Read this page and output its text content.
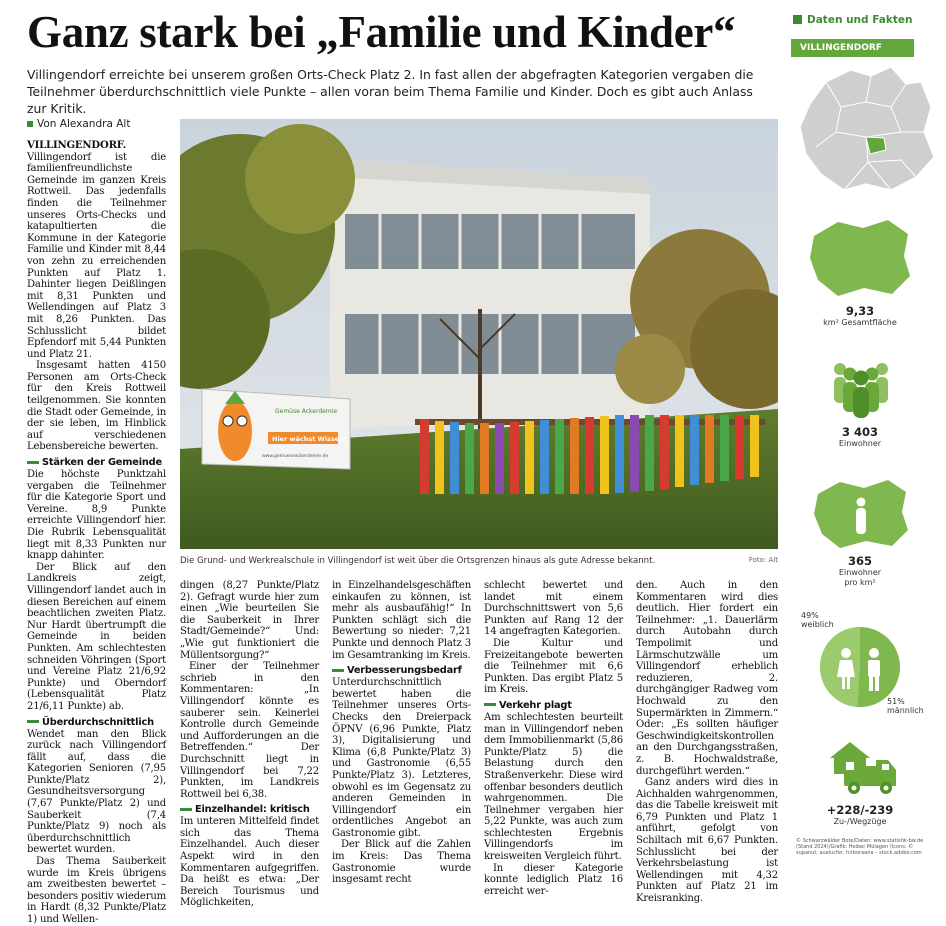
Ganz stark bei „Familie und Kinder“
Villingendorf erreichte bei unserem großen Orts-Check Platz 2. In fast allen der abgefragten Kategorien vergaben die Teilnehmer überdurchschnittlich viele Punkte – allen voran beim Thema Familie und Kinder. Doch es gibt auch Anlass zur Kritik.
Von Alexandra Alt
Gemüse Ackerdemie
Hier wächst Wissen!
www.gemueseackerdemie.de
Die Grund- und Werkrealschule in Villingendorf ist weit über die Ortsgrenzen hinaus als gute Adresse bekannt.	Foto: Alt

VILLINGENDORF. Villingendorf ist die familienfreundlichste Gemeinde im ganzen Kreis Rottweil. Das jedenfalls finden die Teilnehmer unseres Orts-Checks und katapultierten die Kommune in der Kategorie Familie und Kinder mit 8,44 von zehn zu erreichenden Punkten auf Platz 1. Dahinter liegen Deißlingen mit 8,31 Punkten und Wellendingen auf Platz 3 mit 8,26 Punkten. Das Schlusslicht bildet Epfendorf mit 5,44 Punkten und Platz 21.

Insgesamt hatten 4150 Personen am Orts-Check für den Kreis Rottweil teilgenommen. Sie konnten die Stadt oder Gemeinde, in der sie leben, im Hinblick auf verschiedenen Lebensbereiche bewerten.

Stärken der Gemeinde

Die höchste Punktzahl vergaben die Teilnehmer für die Kategorie Sport und Vereine. 8,9 Punkte erreichte Villingendorf hier. Die Rubrik Lebensqualität liegt mit 8,33 Punkten nur knapp dahinter.

Der Blick auf den Landkreis zeigt, Villingendorf landet auch in diesen Bereichen auf einem beachtlichen zweiten Platz. Nur Hardt übertrumpft die Gemeinde in beiden Punkten. Am schlechtesten schneiden Vöhringen (Sport und Vereine Platz 21/6,92 Punkte) und Oberndorf (Lebensqualität Platz 21/6,11 Punkte) ab.

Überdurchschnittlich

Wendet man den Blick zurück nach Villingendorf fällt auf, dass die Kategorien Senioren (7,95 Punkte/Platz 2), Gesundheitsversorgung (7,67 Punkte/Platz 2) und Sauberkeit (7,4 Punkte/Platz 9) noch als überdurchschnittlich bewertet wurden.

Das Thema Sauberkeit wurde im Kreis übrigens am zweitbesten bewertet – besonders positiv wiederum in Hardt (8,32 Punkte/Platz 1) und Wellen-

dingen (8,27 Punkte/Platz 2). Gefragt wurde hier zum einen „Wie beurteilen Sie die Sauberkeit in Ihrer Stadt/Gemeinde?“ Und: „Wie gut funktioniert die Müllentsorgung?“

Einer der Teilnehmer schrieb in den Kommentaren: „In Villingendorf könnte es sauberer sein. Keinerlei Kontrolle durch Gemeinde und Aufforderungen an die Betreffenden.“ Der Durchschnitt liegt in Villingendorf bei 7,22 Punkten, im Landkreis Rottweil bei 6,38.

Einzelhandel: kritisch

Im unteren Mittelfeld findet sich das Thema Einzelhandel. Auch dieser Aspekt wird in den Kommentaren aufgegriffen. Da heißt es etwa: „Der Bereich Tourismus und Möglichkeiten,

in Einzelhandelsgeschäften einkaufen zu können, ist mehr als ausbaufähig!“ In Punkten schlägt sich die Bewertung so nieder: 7,21 Punkte und dennoch Platz 3 im Gesamtranking im Kreis.

Verbesserungsbedarf

Unterdurchschnittlich bewertet haben die Teilnehmer unseres Orts-Checks den Dreierpack ÖPNV (6,96 Punkte, Platz 3), Digitalisierung und Klima (6,8 Punkte/Platz 3) und Gastronomie (6,55 Punkte/Platz 3). Letzteres, obwohl es im Gegensatz zu anderen Gemeinden in Villingendorf ein ordentliches Angebot an Gastronomie gibt.

Der Blick auf die Zahlen im Kreis: Das Thema Gastronomie wurde insgesamt recht

schlecht bewertet und landet mit einem Durchschnittswert von 5,6 Punkten auf Rang 12 der 14 angefragten Kategorien.

Die Kultur und Freizeitangebote bewerten die Teilnehmer mit 6,6 Punkten. Das ergibt Platz 5 im Kreis.

Verkehr plagt

Am schlechtesten beurteilt man in Villingendorf neben dem Immobilienmarkt (5,86 Punkte/Platz 5) die Belastung durch den Straßenverkehr. Diese wird offenbar besonders deutlich wahrgenommen. Die Teilnehmer vergaben hier 5,22 Punkte, was auch zum schlechtesten Ergebnis Villingendorfs im kreisweiten Vergleich führt.

In dieser Kategorie konnte lediglich Platz 16 erreicht wer-

den. Auch in den Kommentaren wird dies deutlich. Hier fordert ein Teilnehmer: „1. Dauerlärm durch Autobahn durch Tempolimit und Lärmschutzwälle um Villingendorf erheblich reduzieren, 2. durchgängiger Radweg vom Hochwald zu den Supermärkten in Zimmern.“ Oder: „Es sollten häufiger Geschwindigkeitskontrollen an den Durchgangsstraßen, z. B. Hochwaldstraße, durchgeführt werden.“

Ganz anders wird dies in Aichhalden wahrgenommen, das die Tabelle kreisweit mit 6,79 Punkten und Platz 1 anführt, gefolgt von Schiltach mit 6,67 Punkten. Schlusslicht bei der Verkehrsbelastung ist Wellendingen mit 4,32 Punkten auf Platz 21 im Kreisranking.

Daten und Fakten
VILLINGENDORF
9,33
km² Gesamtfläche
3 403
Einwohner
365
Einwohner
pro km²
49%
weiblich
51%
männlich
+228/-239
Zu-/Wegzüge
© Schwarzwälder Bote/Daten: www.statistik-bw.de (Stand 2024)/Grafik: Heiber Mülagen (Icons: © supanut, auelucfer, hirboraana – stock.adobe.com
